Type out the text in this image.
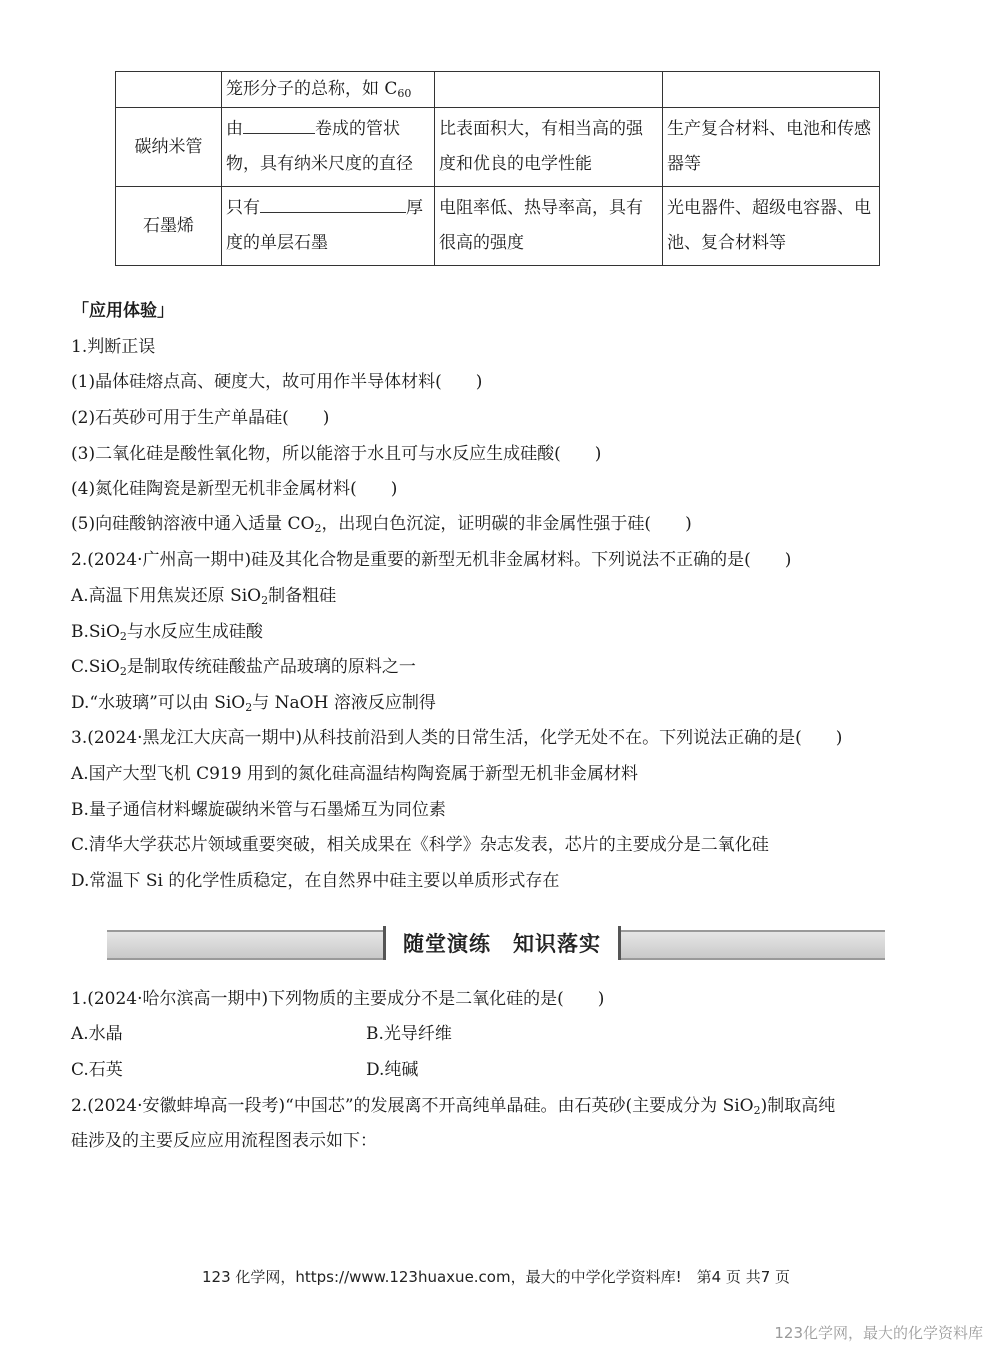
	笼形分子的总称，如 $C_{60}$		
碳纳米管	由 卷成的管状物，具有纳米尺度的直径	比表面积大，有相当高的强度和优良的电学性能	生产复合材料、电池和传感器等
石墨烯	只有 厚度的单层石墨	电阻率低、热导率高，具有很高的强度	光电器件、超级电容器、电池、复合材料等
「应用体验」
1.判断正误
(1)晶体硅熔点高、硬度大，故可用作半导体材料(　　)
(2)石英砂可用于生产单晶硅(　　)
(3)二氧化硅是酸性氧化物，所以能溶于水且可与水反应生成硅酸(　　)
(4)氮化硅陶瓷是新型无机非金属材料(　　)
(5)向硅酸钠溶液中通入适量 $CO_2$，出现白色沉淀，证明碳的非金属性强于硅(　　)
2.(2024·广州高一期中)硅及其化合物是重要的新型无机非金属材料。下列说法不正确的是(　　)
A.高温下用焦炭还原 SiO$_2$制备粗硅
B.SiO$_2$与水反应生成硅酸
C.SiO$_2$是制取传统硅酸盐产品玻璃的原料之一
D.“水玻璃”可以由 SiO$_2$与 NaOH 溶液反应制得
3.(2024·黑龙江大庆高一期中)从科技前沿到人类的日常生活，化学无处不在。下列说法正确的是(　　)
A.国产大型飞机 C919 用到的氮化硅高温结构陶瓷属于新型无机非金属材料
B.量子通信材料螺旋碳纳米管与石墨烯互为同位素
C.清华大学获芯片领域重要突破，相关成果在《科学》杂志发表，芯片的主要成分是二氧化硅
D.常温下 Si 的化学性质稳定，在自然界中硅主要以单质形式存在
随堂演练　知识落实
1.(2024·哈尔滨高一期中)下列物质的主要成分不是二氧化硅的是(　　)
A.水晶	B.光导纤维
C.石英	D.纯碱
2.(2024·安徽蚌埠高一段考)“中国芯”的发展离不开高纯单晶硅。由石英砂(主要成分为 SiO$_2$)制取高纯
硅涉及的主要反应应用流程图表示如下：
123 化学网，https://www.123huaxue.com，最大的中学化学资料库!　第4 页 共7 页
123化学网，最大的化学资料库
